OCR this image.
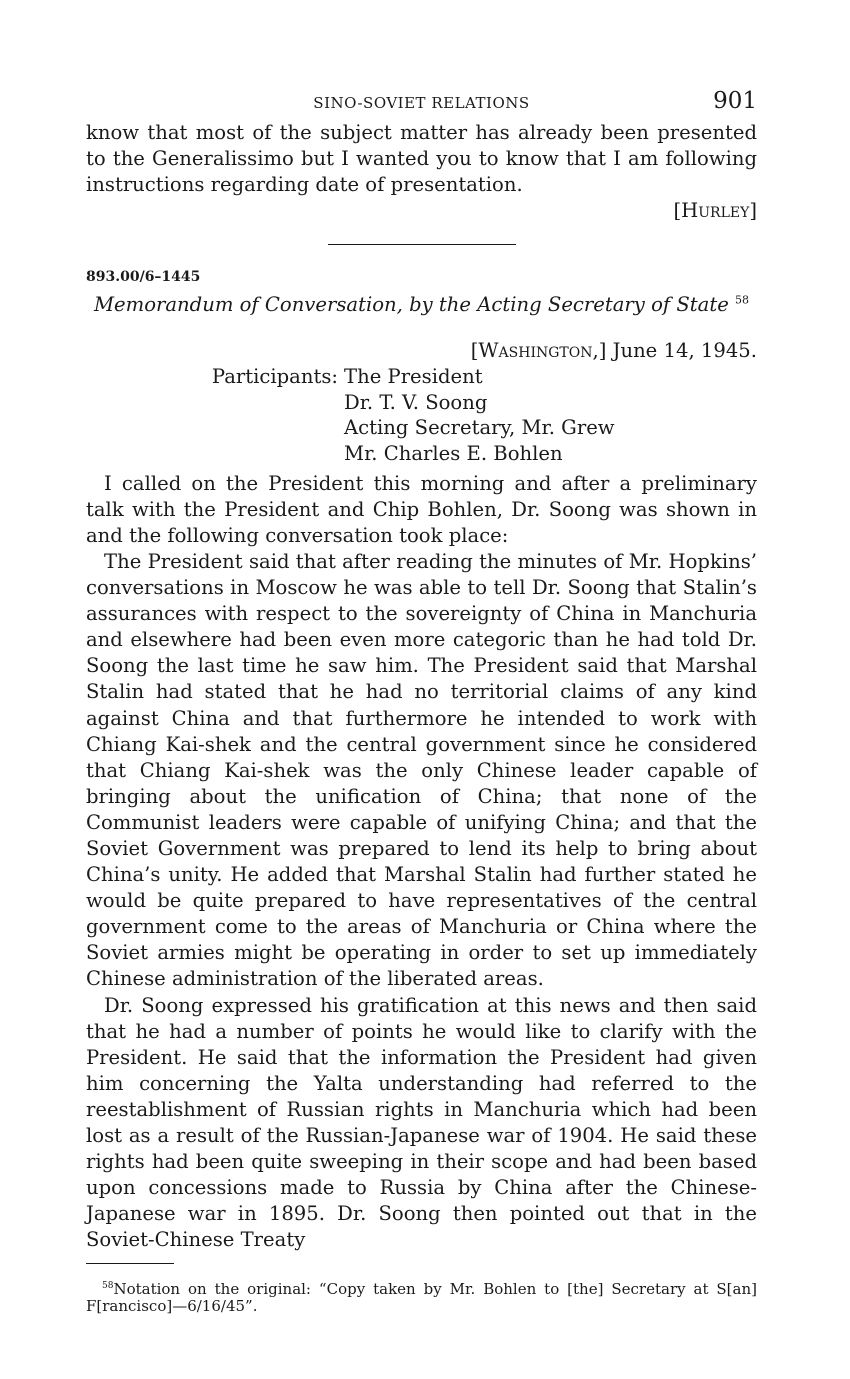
SINO-SOVIET RELATIONS	901

know that most of the subject matter has already been presented to the Generalissimo but I wanted you to know that I am following instructions regarding date of presentation.

[Hurley]

893.00/6–1445
Memorandum of Conversation, by the Acting Secretary of State $^{58}$
[Washington,] June 14, 1945.
Participants: The President
Dr. T. V. Soong
Acting Secretary, Mr. Grew
Mr. Charles E. Bohlen

I called on the President this morning and after a preliminary talk with the President and Chip Bohlen, Dr. Soong was shown in and the following conversation took place:

The President said that after reading the minutes of Mr. Hopkins’ conversations in Moscow he was able to tell Dr. Soong that Stalin’s assurances with respect to the sovereignty of China in Manchuria and elsewhere had been even more categoric than he had told Dr. Soong the last time he saw him. The President said that Marshal Stalin had stated that he had no territorial claims of any kind against China and that furthermore he intended to work with Chiang Kai-shek and the central government since he considered that Chiang Kai-shek was the only Chinese leader capable of bringing about the unification of China; that none of the Communist leaders were capable of unifying China; and that the Soviet Government was prepared to lend its help to bring about China’s unity. He added that Marshal Stalin had further stated he would be quite prepared to have representatives of the central government come to the areas of Manchuria or China where the Soviet armies might be operating in order to set up immediately Chinese administration of the liberated areas.

Dr. Soong expressed his gratification at this news and then said that he had a number of points he would like to clarify with the President. He said that the information the President had given him concerning the Yalta understanding had referred to the reestablishment of Russian rights in Manchuria which had been lost as a result of the Russian-Japanese war of 1904. He said these rights had been quite sweeping in their scope and had been based upon concessions made to Russia by China after the Chinese-Japanese war in 1895. Dr. Soong then pointed out that in the Soviet-Chinese Treaty

$^{58}$Notation on the original: “Copy taken by Mr. Bohlen to [the] Secretary at S[an] F[rancisco]—6/16/45”.
